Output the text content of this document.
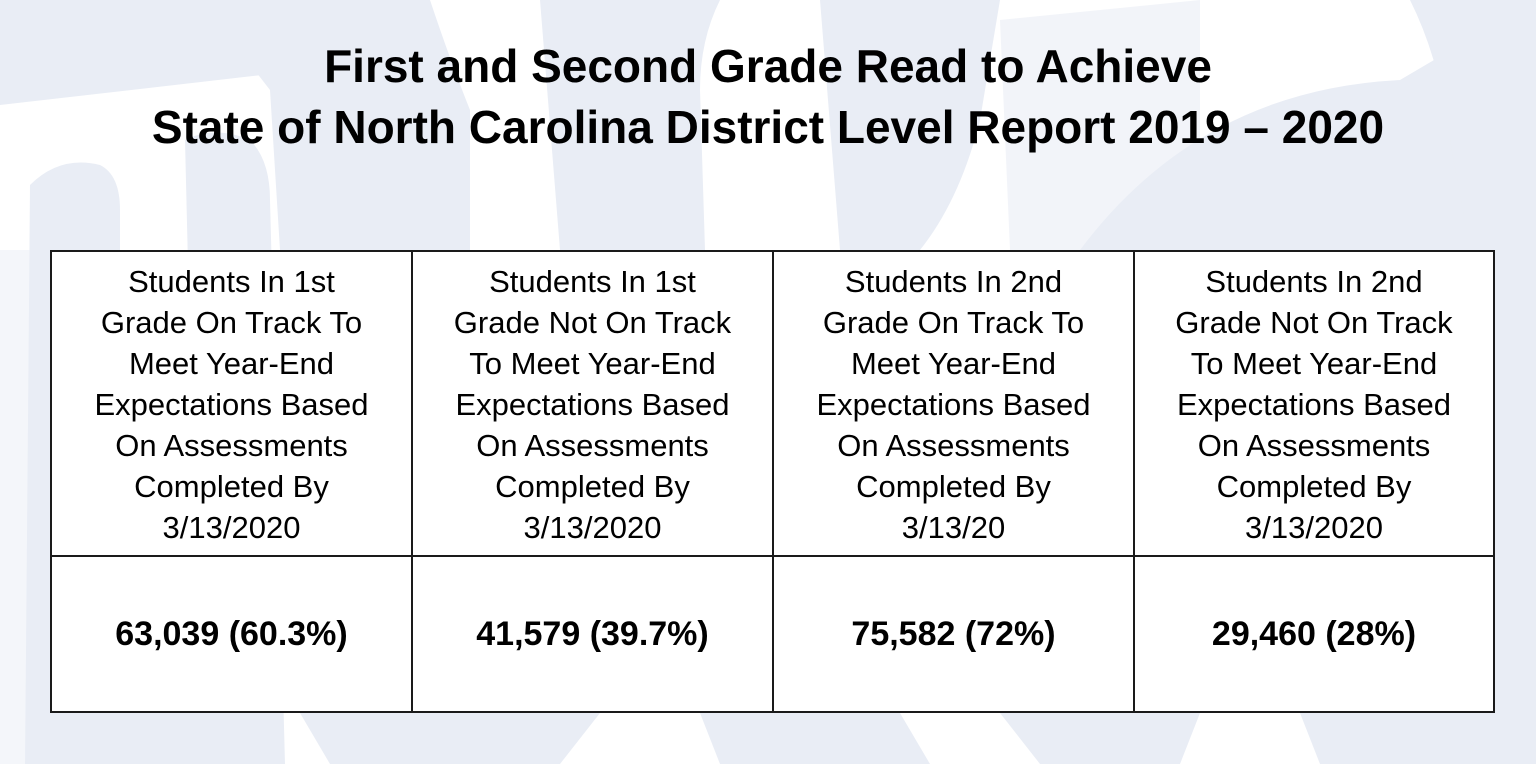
First and Second Grade Read to Achieve
State of North Carolina District Level Report 2019 – 2020
Students In 1st
Grade On Track To
Meet Year-End
Expectations Based
On Assessments
Completed By
3/13/2020

Students In 1st
Grade Not On Track
To Meet Year-End
Expectations Based
On Assessments
Completed By
3/13/2020

Students In 2nd
Grade On Track To
Meet Year-End
Expectations Based
On Assessments
Completed By
3/13/20

Students In 2nd
Grade Not On Track
To Meet Year-End
Expectations Based
On Assessments
Completed By
3/13/2020

63,039 (60.3%)	41,579 (39.7%)	75,582 (72%)	29,460 (28%)
